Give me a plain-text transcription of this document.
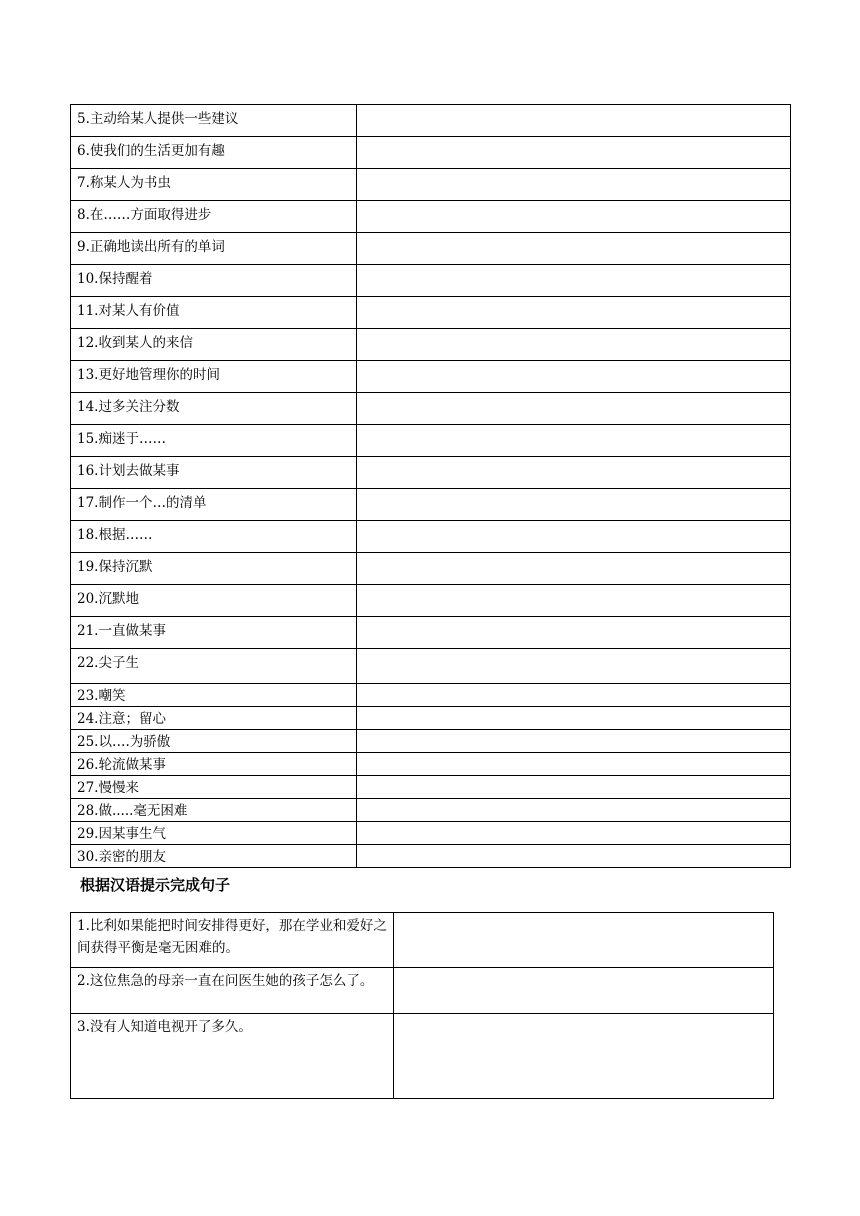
5.主动给某人提供一些建议	
6.使我们的生活更加有趣	
7.称某人为书虫	
8.在……方面取得进步	
9.正确地读出所有的单词	
10.保持醒着	
11.对某人有价值	
12.收到某人的来信	
13.更好地管理你的时间	
14.过多关注分数	
15.痴迷于……	
16.计划去做某事	
17.制作一个…的清单	
18.根据……	
19.保持沉默	
20.沉默地	
21.一直做某事	
22.尖子生	
23.嘲笑	
24.注意；留心	
25.以….为骄傲	
26.轮流做某事	
27.慢慢来	
28.做.....毫无困难	
29.因某事生气	
30.亲密的朋友	
根据汉语提示完成句子
1.比利如果能把时间安排得更好，那在学业和爱好之间获得平衡是毫无困难的。	
2.这位焦急的母亲一直在问医生她的孩子怎么了。	
3.没有人知道电视开了多久。	
